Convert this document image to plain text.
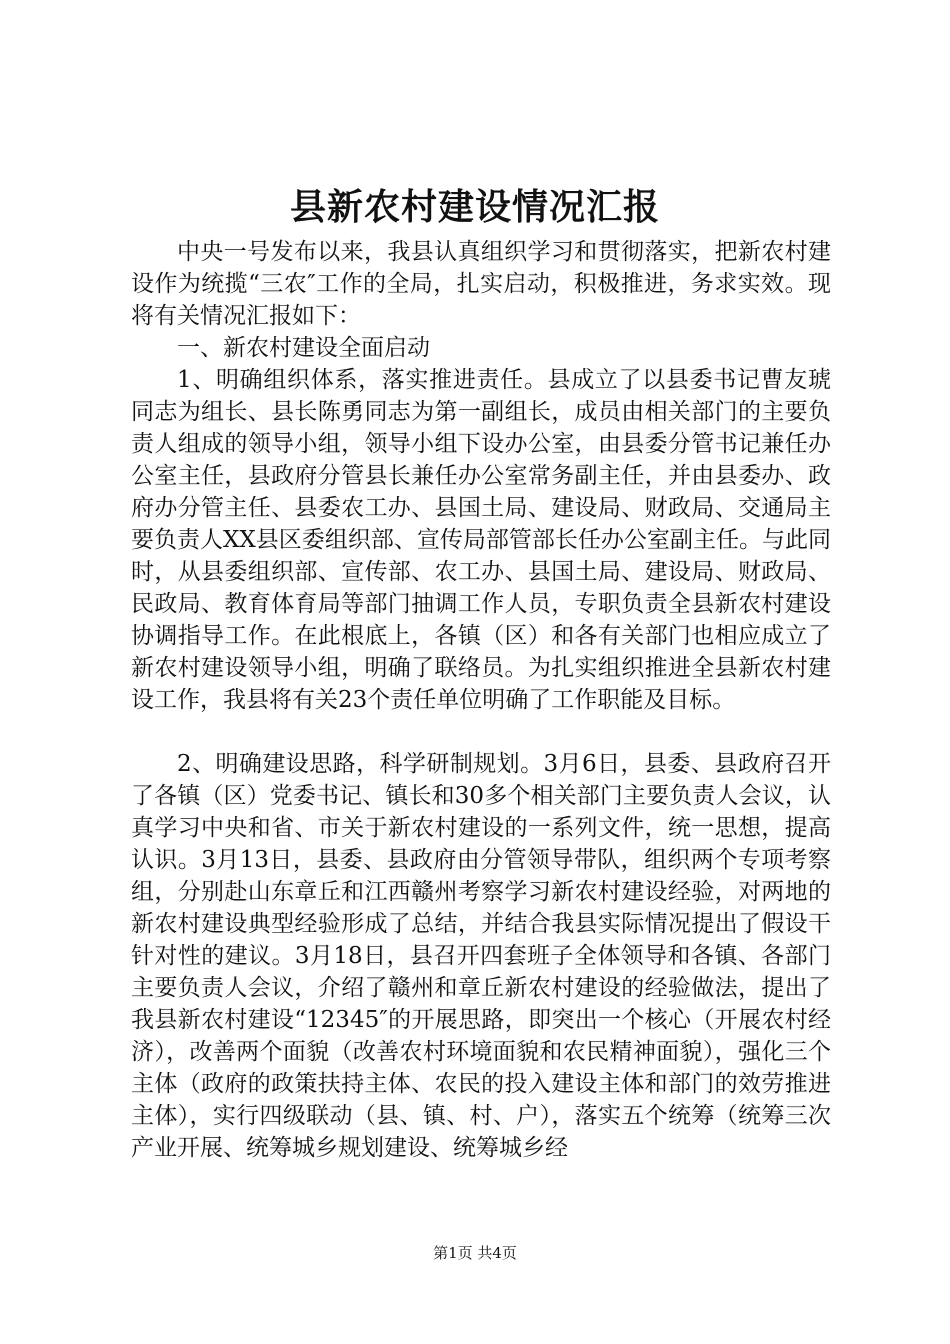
县新农村建设情况汇报

中央一号发布以来，我县认真组织学习和贯彻落实，把新农村建设作为统揽“三农″工作的全局，扎实启动，积极推进，务求实效。现将有关情况汇报如下：

一、新农村建设全面启动

1、明确组织体系，落实推进责任。县成立了以县委书记曹友琥同志为组长、县长陈勇同志为第一副组长，成员由相关部门的主要负责人组成的领导小组，领导小组下设办公室，由县委分管书记兼任办公室主任，县政府分管县长兼任办公室常务副主任，并由县委办、政府办分管主任、县委农工办、县国土局、建设局、财政局、交通局主要负责人XX县区委组织部、宣传局部管部长任办公室副主任。与此同时，从县委组织部、宣传部、农工办、县国土局、建设局、财政局、民政局、教育体育局等部门抽调工作人员，专职负责全县新农村建设协调指导工作。在此根底上，各镇（区）和各有关部门也相应成立了新农村建设领导小组，明确了联络员。为扎实组织推进全县新农村建设工作，我县将有关23个责任单位明确了工作职能及目标。

2、明确建设思路，科学研制规划。3月6日，县委、县政府召开了各镇（区）党委书记、镇长和30多个相关部门主要负责人会议，认真学习中央和省、市关于新农村建设的一系列文件，统一思想，提高认识。3月13日，县委、县政府由分管领导带队，组织两个专项考察组，分别赴山东章丘和江西赣州考察学习新农村建设经验，对两地的新农村建设典型经验形成了总结，并结合我县实际情况提出了假设干针对性的建议。3月18日，县召开四套班子全体领导和各镇、各部门主要负责人会议，介绍了赣州和章丘新农村建设的经验做法，提出了我县新农村建设“12345″的开展思路，即突出一个核心（开展农村经济），改善两个面貌（改善农村环境面貌和农民精神面貌），强化三个主体（政府的政策扶持主体、农民的投入建设主体和部门的效劳推进主体），实行四级联动（县、镇、村、户），落实五个统筹（统筹三次产业开展、统筹城乡规划建设、统筹城乡经

第1页 共4页
